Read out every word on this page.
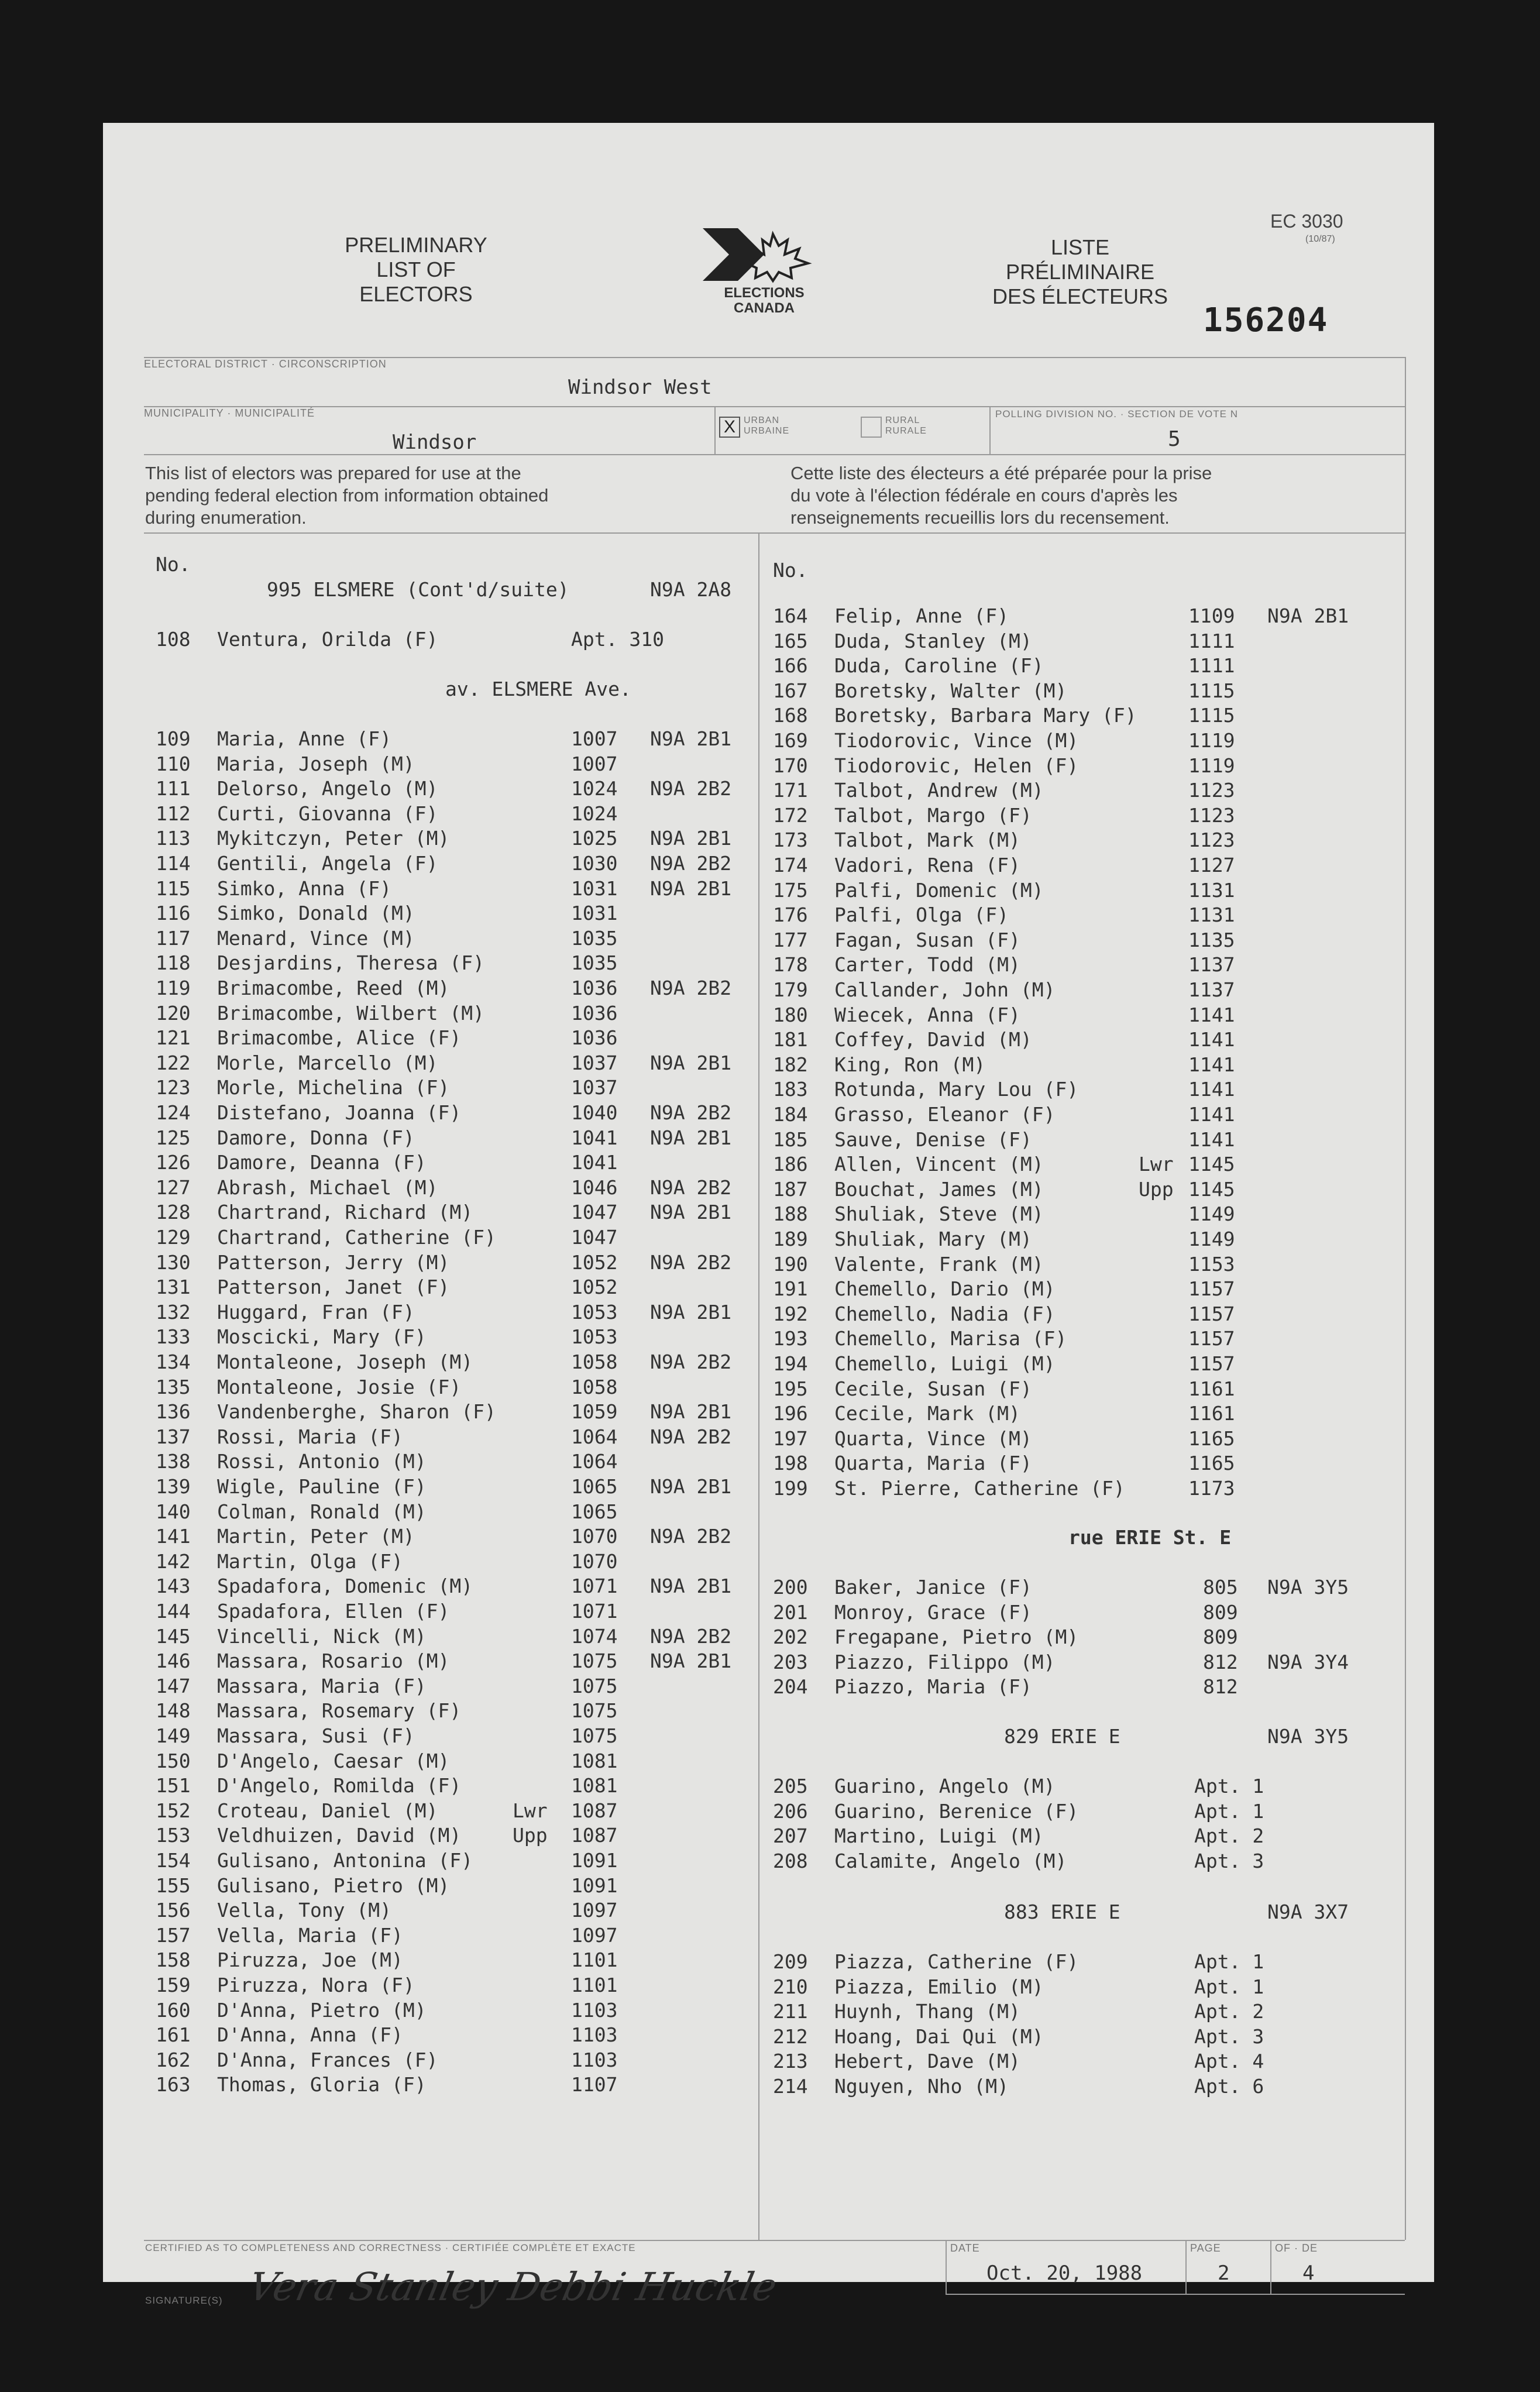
PRELIMINARY
LIST OF
ELECTORS	ELECTIONS
CANADA
LISTE
PRÉLIMINAIRE
DES ÉLECTEURS
EC 3030
(10/87)
156204
ELECTORAL DISTRICT · CIRCONSCRIPTION
Windsor West
MUNICIPALITY · MUNICIPALITÉ
Windsor
X URBAN
URBAINE
RURAL
RURALE
POLLING DIVISION NO. · SECTION DE VOTE N
5
This list of electors was prepared for use at the
pending federal election from information obtained
during enumeration.
Cette liste des électeurs a été préparée pour la prise
du vote à l'élection fédérale en cours d'après les
renseignements recueillis lors du recensement.
No.
995 ELSMERE (Cont'd/suite)	N9A 2A8
108 Ventura, Orilda (F)	Apt. 310
av. ELSMERE Ave.
109 Maria, Anne (F)	1007 N9A 2B1
110 Maria, Joseph (M)	1007
111 Delorso, Angelo (M)	1024 N9A 2B2
112 Curti, Giovanna (F)	1024
113 Mykitczyn, Peter (M)	1025 N9A 2B1
114 Gentili, Angela (F)	1030 N9A 2B2
115 Simko, Anna (F)	1031 N9A 2B1
116 Simko, Donald (M)	1031
117 Menard, Vince (M)	1035
118 Desjardins, Theresa (F)	1035
119 Brimacombe, Reed (M)	1036 N9A 2B2
120 Brimacombe, Wilbert (M)	1036
121 Brimacombe, Alice (F)	1036
122 Morle, Marcello (M)	1037 N9A 2B1
123 Morle, Michelina (F)	1037
124 Distefano, Joanna (F)	1040 N9A 2B2
125 Damore, Donna (F)	1041 N9A 2B1
126 Damore, Deanna (F)	1041
127 Abrash, Michael (M)	1046 N9A 2B2
128 Chartrand, Richard (M)	1047 N9A 2B1
129 Chartrand, Catherine (F)	1047
130 Patterson, Jerry (M)	1052 N9A 2B2
131 Patterson, Janet (F)	1052
132 Huggard, Fran (F)	1053 N9A 2B1
133 Moscicki, Mary (F)	1053
134 Montaleone, Joseph (M)	1058 N9A 2B2
135 Montaleone, Josie (F)	1058
136 Vandenberghe, Sharon (F)	1059 N9A 2B1
137 Rossi, Maria (F)	1064 N9A 2B2
138 Rossi, Antonio (M)	1064
139 Wigle, Pauline (F)	1065 N9A 2B1
140 Colman, Ronald (M)	1065
141 Martin, Peter (M)	1070 N9A 2B2
142 Martin, Olga (F)	1070
143 Spadafora, Domenic (M)	1071 N9A 2B1
144 Spadafora, Ellen (F)	1071
145 Vincelli, Nick (M)	1074 N9A 2B2
146 Massara, Rosario (M)	1075 N9A 2B1
147 Massara, Maria (F)	1075
148 Massara, Rosemary (F)	1075
149 Massara, Susi (F)	1075
150 D'Angelo, Caesar (M)	1081
151 D'Angelo, Romilda (F)	1081
152 Croteau, Daniel (M)	Lwr 1087
153 Veldhuizen, David (M)	Upp 1087
154 Gulisano, Antonina (F)	1091
155 Gulisano, Pietro (M)	1091
156 Vella, Tony (M)	1097
157 Vella, Maria (F)	1097
158 Piruzza, Joe (M)	1101
159 Piruzza, Nora (F)	1101
160 D'Anna, Pietro (M)	1103
161 D'Anna, Anna (F)	1103
162 D'Anna, Frances (F)	1103
163 Thomas, Gloria (F)	1107
No.
164 Felip, Anne (F)	1109 N9A 2B1
165 Duda, Stanley (M)	1111
166 Duda, Caroline (F)	1111
167 Boretsky, Walter (M)	1115
168 Boretsky, Barbara Mary (F)	1115
169 Tiodorovic, Vince (M)	1119
170 Tiodorovic, Helen (F)	1119
171 Talbot, Andrew (M)	1123
172 Talbot, Margo (F)	1123
173 Talbot, Mark (M)	1123
174 Vadori, Rena (F)	1127
175 Palfi, Domenic (M)	1131
176 Palfi, Olga (F)	1131
177 Fagan, Susan (F)	1135
178 Carter, Todd (M)	1137
179 Callander, John (M)	1137
180 Wiecek, Anna (F)	1141
181 Coffey, David (M)	1141
182 King, Ron (M)	1141
183 Rotunda, Mary Lou (F)	1141
184 Grasso, Eleanor (F)	1141
185 Sauve, Denise (F)	1141
186 Allen, Vincent (M)	Lwr 1145
187 Bouchat, James (M)	Upp 1145
188 Shuliak, Steve (M)	1149
189 Shuliak, Mary (M)	1149
190 Valente, Frank (M)	1153
191 Chemello, Dario (M)	1157
192 Chemello, Nadia (F)	1157
193 Chemello, Marisa (F)	1157
194 Chemello, Luigi (M)	1157
195 Cecile, Susan (F)	1161
196 Cecile, Mark (M)	1161
197 Quarta, Vince (M)	1165
198 Quarta, Maria (F)	1165
199 St. Pierre, Catherine (F)	1173
rue ERIE St. E
200 Baker, Janice (F)	805 N9A 3Y5
201 Monroy, Grace (F)	809
202 Fregapane, Pietro (M)	809
203 Piazzo, Filippo (M)	812 N9A 3Y4
204 Piazzo, Maria (F)	812
829 ERIE E	N9A 3Y5
205 Guarino, Angelo (M)	Apt. 1
206 Guarino, Berenice (F)	Apt. 1
207 Martino, Luigi (M)	Apt. 2
208 Calamite, Angelo (M)	Apt. 3
883 ERIE E	N9A 3X7
209 Piazza, Catherine (F)	Apt. 1
210 Piazza, Emilio (M)	Apt. 1
211 Huynh, Thang (M)	Apt. 2
212 Hoang, Dai Qui (M)	Apt. 3
213 Hebert, Dave (M)	Apt. 4
214 Nguyen, Nho (M)	Apt. 6
CERTIFIED AS TO COMPLETENESS AND CORRECTNESS · CERTIFIÉE COMPLÈTE ET EXACTE
SIGNATURE(S) Vera Stanley Debbi Huckle
DATE
Oct. 20, 1988
PAGE
2
OF · DE
4
